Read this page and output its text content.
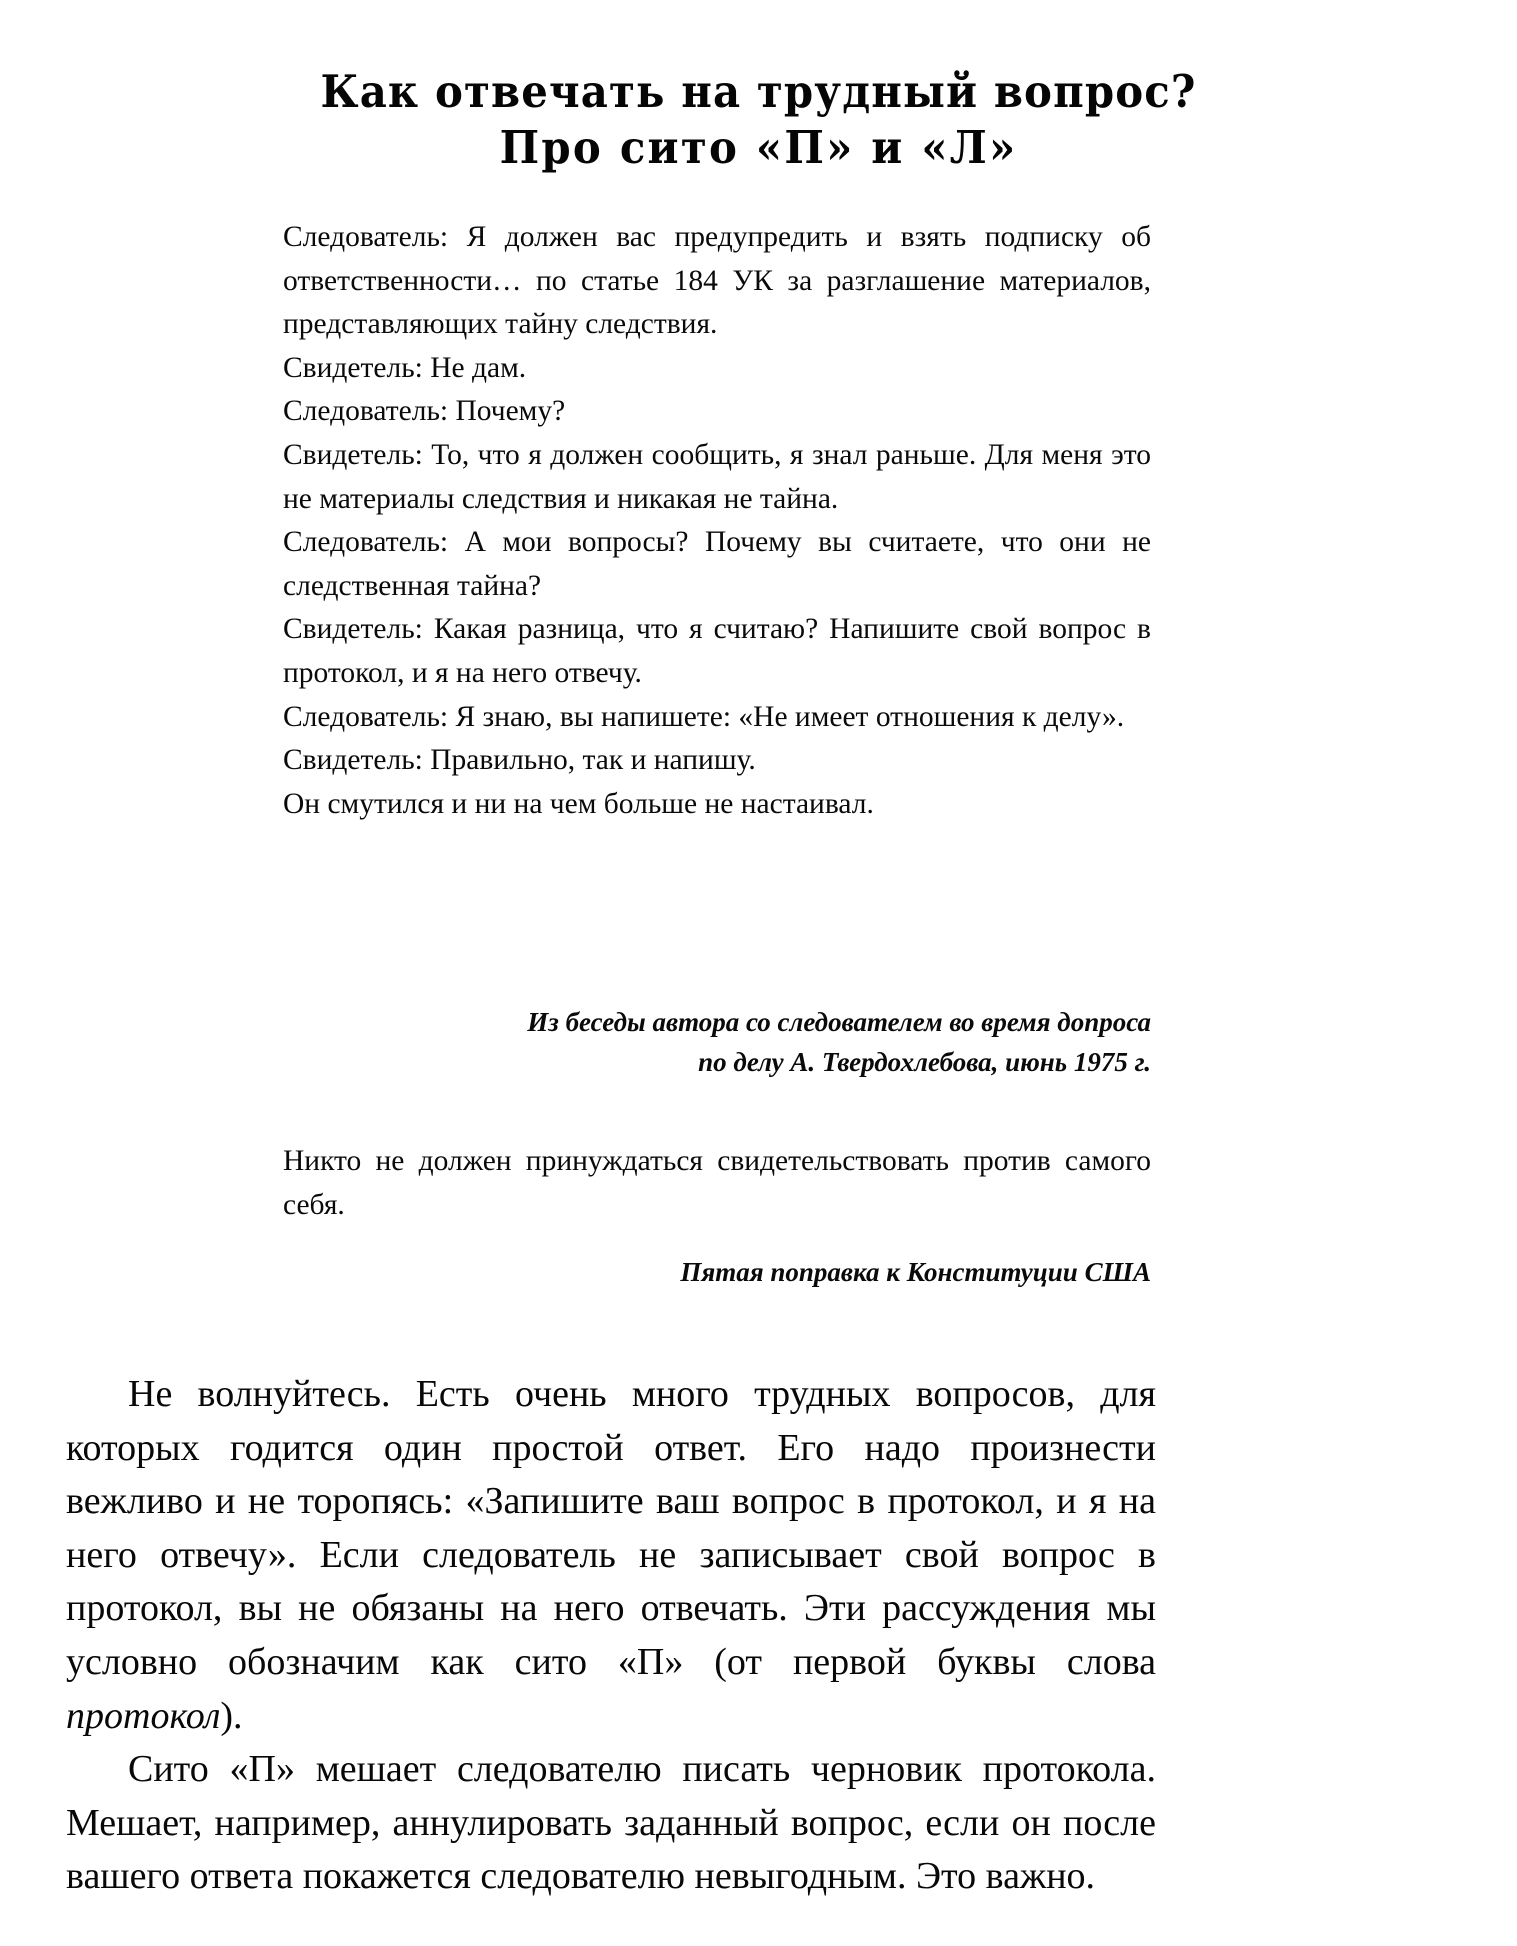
Как отвечать на трудный вопрос?
Про сито «П» и «Л»

Следователь: Я должен вас предупредить и взять подписку об ответственности… по статье 184 УК за разглашение материалов, представляющих тайну следствия.

Свидетель: Не дам.

Следователь: Почему?

Свидетель: То, что я должен сообщить, я знал раньше. Для меня это не материалы следствия и никакая не тайна.

Следователь: А мои вопросы? Почему вы считаете, что они не следственная тайна?

Свидетель: Какая разница, что я считаю? Напишите свой вопрос в протокол, и я на него отвечу.

Следователь: Я знаю, вы напишете: «Не имеет отношения к делу».

Свидетель: Правильно, так и напишу.

Он смутился и ни на чем больше не настаивал.

Из беседы автора со следователем во время допроса

по делу А. Твердохлебова, июнь 1975 г.

Никто не должен принуждаться свидетельствовать против самого себя.

Пятая поправка к Конституции США

Не волнуйтесь. Есть очень много трудных вопросов, для которых годится один простой ответ. Его надо произнести вежливо и не торопясь: «Запишите ваш вопрос в протокол, и я на него отвечу». Если следователь не записывает свой вопрос в протокол, вы не обязаны на него отвечать. Эти рассуждения мы условно обозначим как сито «П» (от первой буквы слова протокол).

Сито «П» мешает следователю писать черновик протокола. Мешает, например, аннулировать заданный вопрос, если он после вашего ответа покажется следователю невыгодным. Это важно.
